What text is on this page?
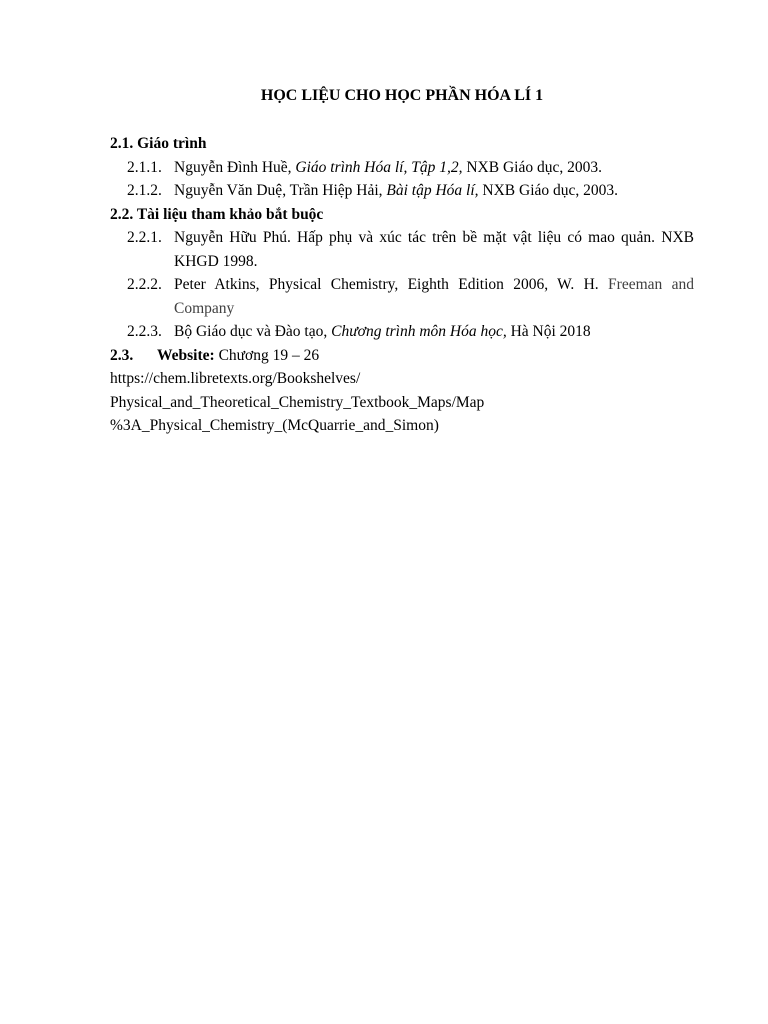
HỌC LIỆU CHO HỌC PHẦN HÓA LÍ 1
2.1. Giáo trình
2.1.1. Nguyễn Đình Huề, Giáo trình Hóa lí, Tập 1,2, NXB Giáo dục, 2003.
2.1.2. Nguyễn Văn Duệ, Trần Hiệp Hải, Bài tập Hóa lí, NXB Giáo dục, 2003.
2.2. Tài liệu tham khảo bắt buộc
2.2.1. Nguyễn Hữu Phú. Hấp phụ và xúc tác trên bề mặt vật liệu có mao quản. NXB KHGD 1998.
2.2.2. Peter Atkins, Physical Chemistry, Eighth Edition 2006, W. H. Freeman and Company
2.2.3. Bộ Giáo dục và Đào tạo, Chương trình môn Hóa học, Hà Nội 2018
2.3. Website: Chương 19 – 26
https://chem.libretexts.org/Bookshelves/
Physical_and_Theoretical_Chemistry_Textbook_Maps/Map
%3A_Physical_Chemistry_(McQuarrie_and_Simon)
